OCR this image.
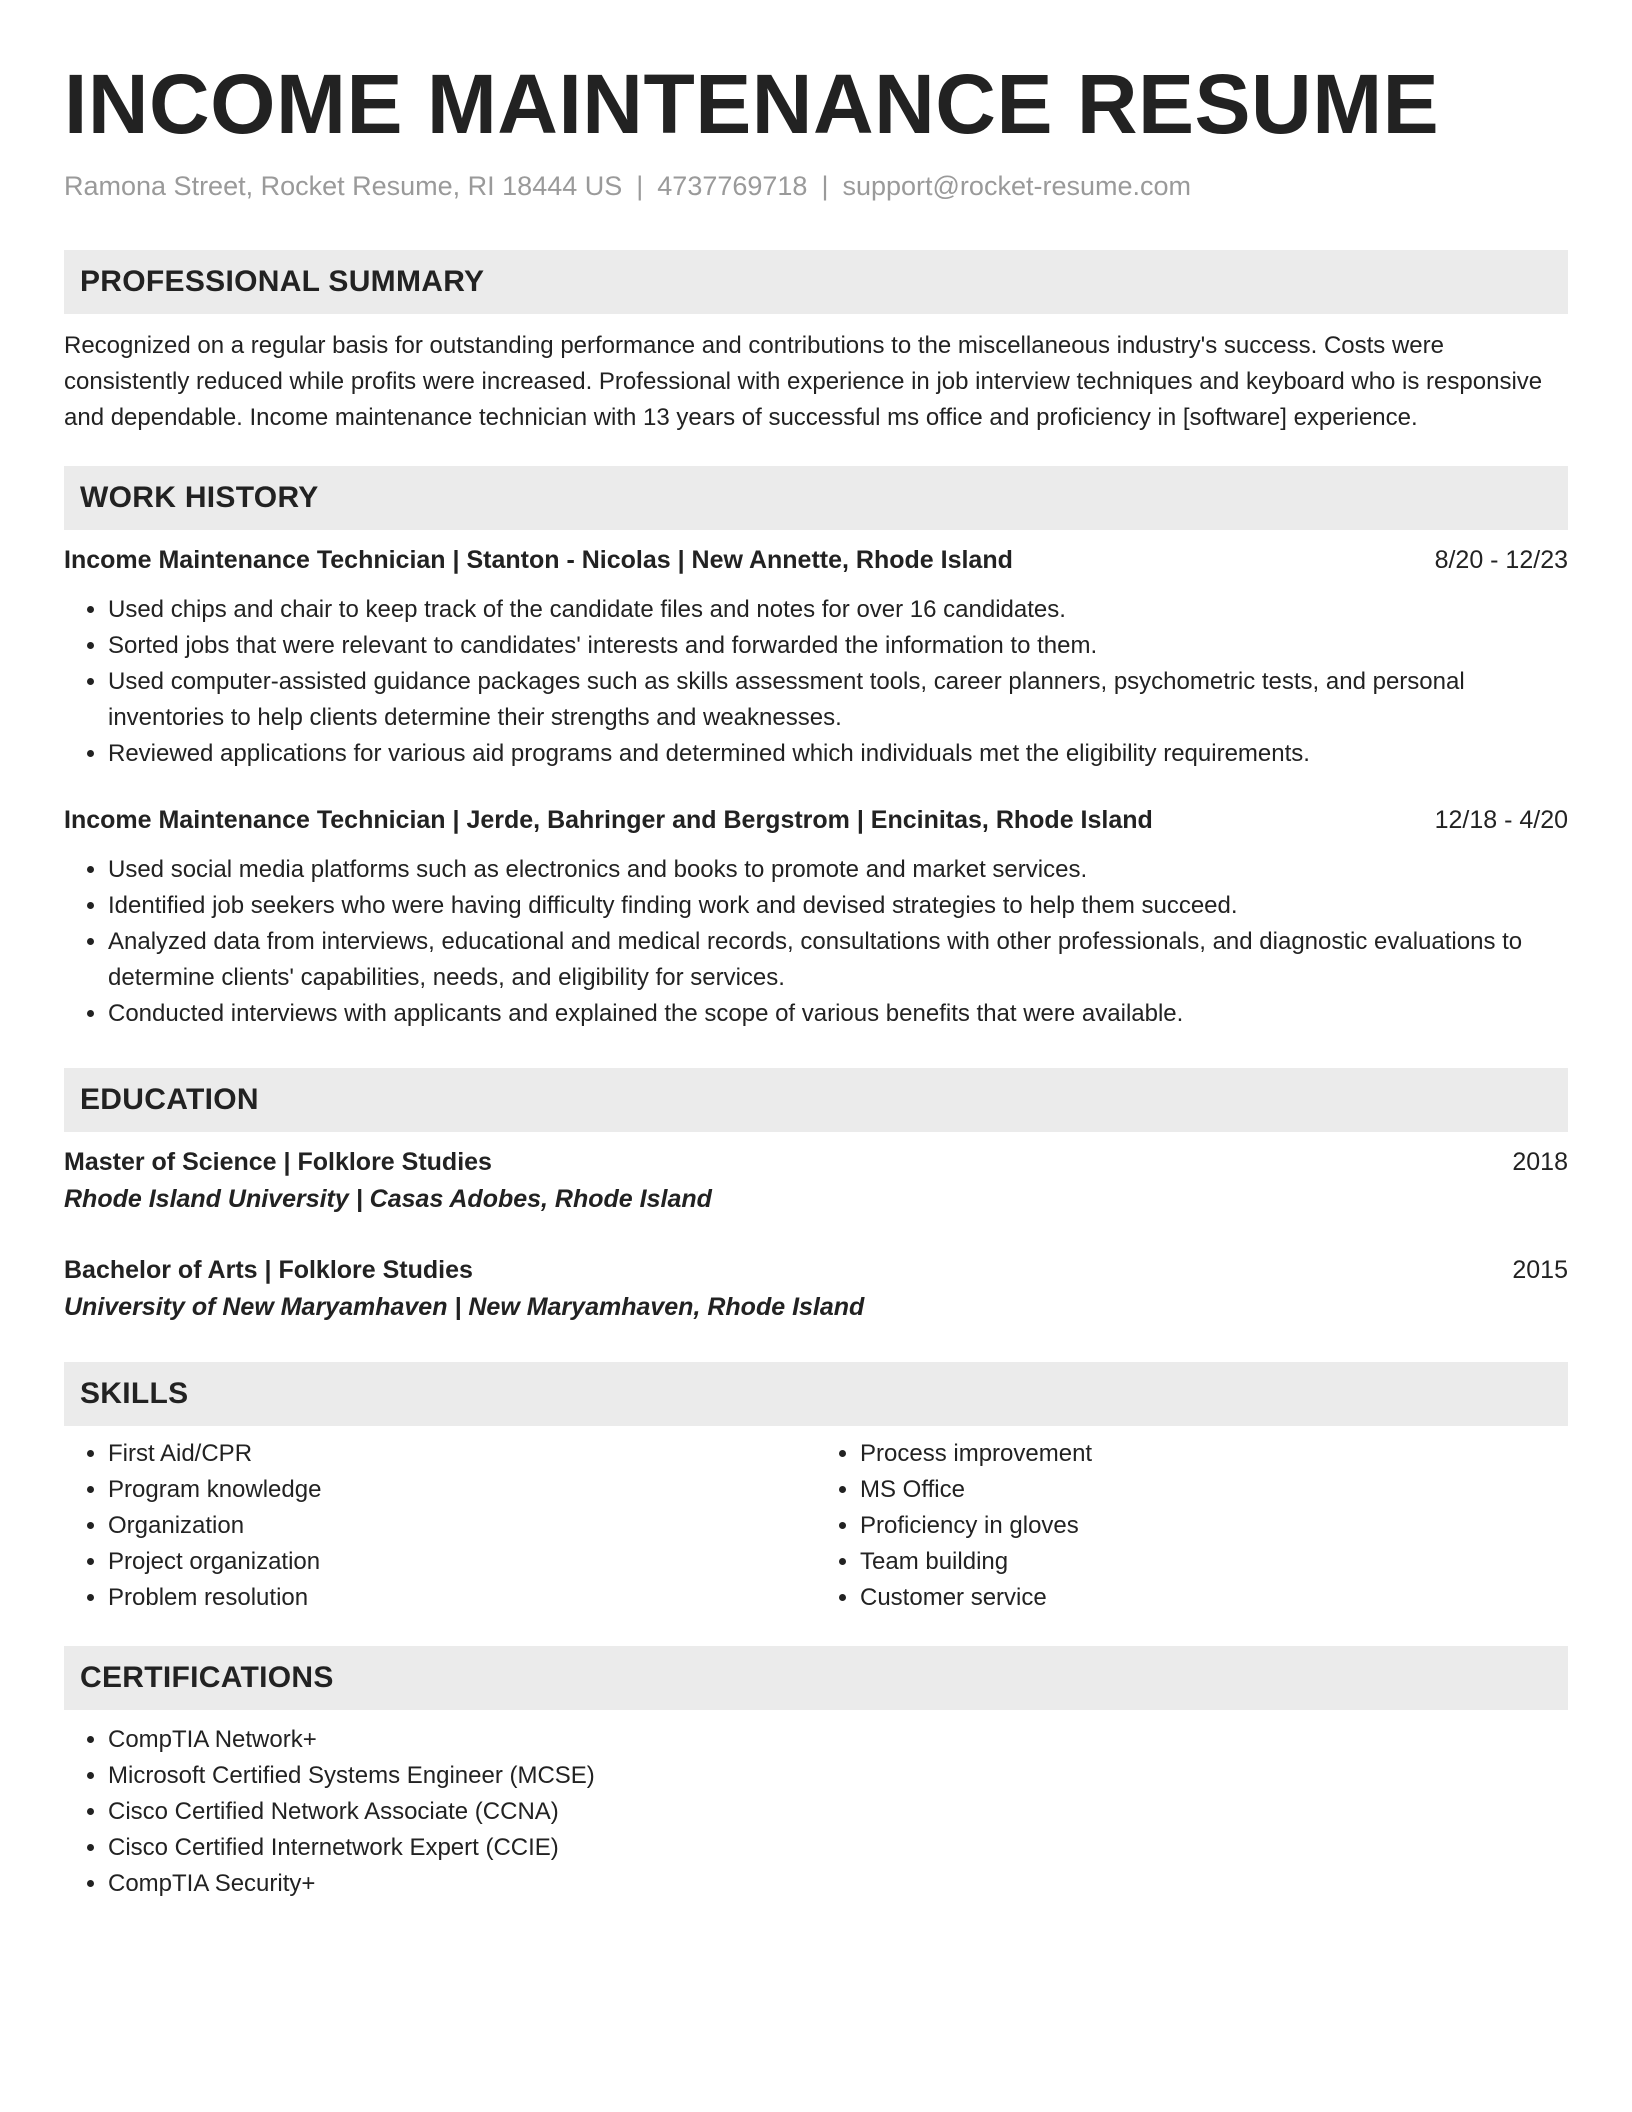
INCOME MAINTENANCE RESUME
Ramona Street, Rocket Resume, RI 18444 US | 4737769718 | support@rocket-resume.com
PROFESSIONAL SUMMARY

Recognized on a regular basis for outstanding performance and contributions to the miscellaneous industry's success. Costs were consistently reduced while profits were increased. Professional with experience in job interview techniques and keyboard who is responsive and dependable. Income maintenance technician with 13 years of successful ms office and proficiency in [software] experience.

WORK HISTORY
Income Maintenance Technician | Stanton - Nicolas | New Annette, Rhode Island	8/20 - 12/23
• Used chips and chair to keep track of the candidate files and notes for over 16 candidates.
• Sorted jobs that were relevant to candidates' interests and forwarded the information to them.
• Used computer-assisted guidance packages such as skills assessment tools, career planners, psychometric tests, and personal inventories to help clients determine their strengths and weaknesses.
• Reviewed applications for various aid programs and determined which individuals met the eligibility requirements.
Income Maintenance Technician | Jerde, Bahringer and Bergstrom | Encinitas, Rhode Island	12/18 - 4/20
• Used social media platforms such as electronics and books to promote and market services.
• Identified job seekers who were having difficulty finding work and devised strategies to help them succeed.
• Analyzed data from interviews, educational and medical records, consultations with other professionals, and diagnostic evaluations to determine clients' capabilities, needs, and eligibility for services.
• Conducted interviews with applicants and explained the scope of various benefits that were available.
EDUCATION
Master of Science | Folklore Studies	2018
Rhode Island University | Casas Adobes, Rhode Island
Bachelor of Arts | Folklore Studies	2015
University of New Maryamhaven | New Maryamhaven, Rhode Island
SKILLS
• First Aid/CPR
• Program knowledge
• Organization
• Project organization
• Problem resolution
• Process improvement
• MS Office
• Proficiency in gloves
• Team building
• Customer service
CERTIFICATIONS
• CompTIA Network+
• Microsoft Certified Systems Engineer (MCSE)
• Cisco Certified Network Associate (CCNA)
• Cisco Certified Internetwork Expert (CCIE)
• CompTIA Security+
